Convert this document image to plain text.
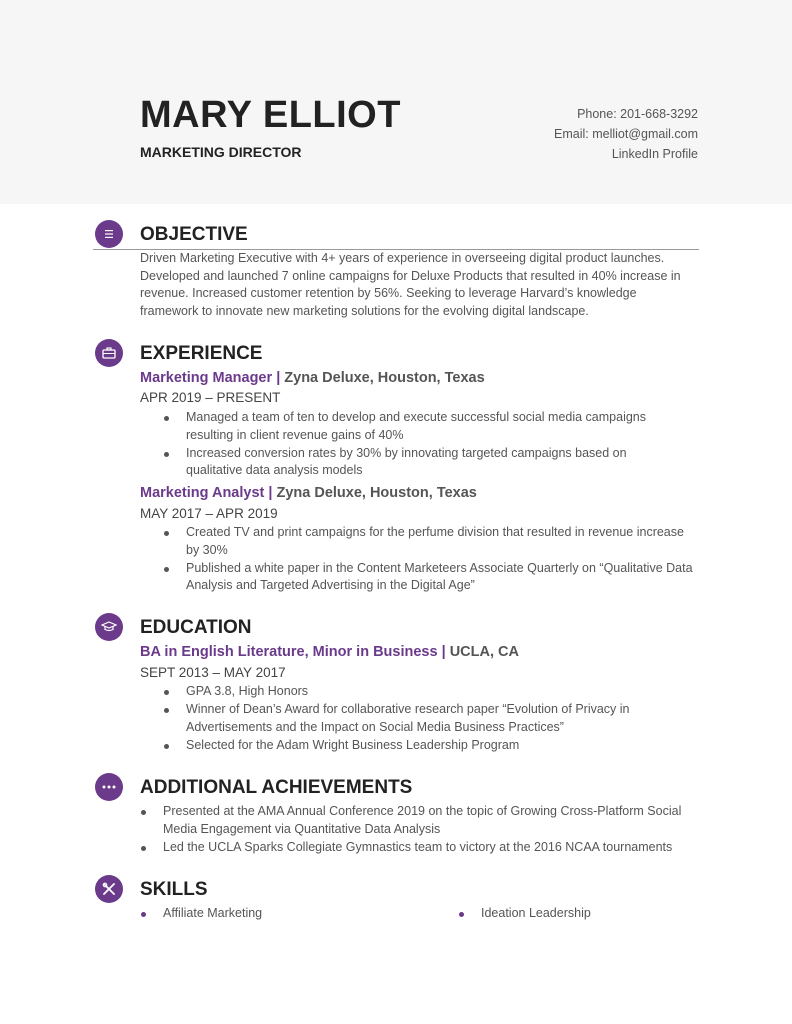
MARY ELLIOT
MARKETING DIRECTOR
Phone: 201-668-3292
Email: melliot@gmail.com
LinkedIn Profile
OBJECTIVE
Driven Marketing Executive with 4+ years of experience in overseeing digital product launches.
Developed and launched 7 online campaigns for Deluxe Products that resulted in 40% increase in
revenue. Increased customer retention by 56%. Seeking to leverage Harvard’s knowledge
framework to innovate new marketing solutions for the evolving digital landscape.
EXPERIENCE
Marketing Manager | Zyna Deluxe, Houston, Texas
APR 2019 – PRESENT
Managed a team of ten to develop and execute successful social media campaigns resulting in client revenue gains of 40%
Increased conversion rates by 30% by innovating targeted campaigns based on qualitative data analysis models
Marketing Analyst | Zyna Deluxe, Houston, Texas
MAY 2017 – APR 2019
Created TV and print campaigns for the perfume division that resulted in revenue increase by 30%
Published a white paper in the Content Marketeers Associate Quarterly on “Qualitative Data Analysis and Targeted Advertising in the Digital Age”
EDUCATION
BA in English Literature, Minor in Business | UCLA, CA
SEPT 2013 – MAY 2017
GPA 3.8, High Honors
Winner of Dean’s Award for collaborative research paper “Evolution of Privacy in Advertisements and the Impact on Social Media Business Practices”
Selected for the Adam Wright Business Leadership Program
ADDITIONAL ACHIEVEMENTS
Presented at the AMA Annual Conference 2019 on the topic of Growing Cross-Platform Social Media Engagement via Quantitative Data Analysis
Led the UCLA Sparks Collegiate Gymnastics team to victory at the 2016 NCAA tournaments
SKILLS
Affiliate Marketing	Ideation Leadership
